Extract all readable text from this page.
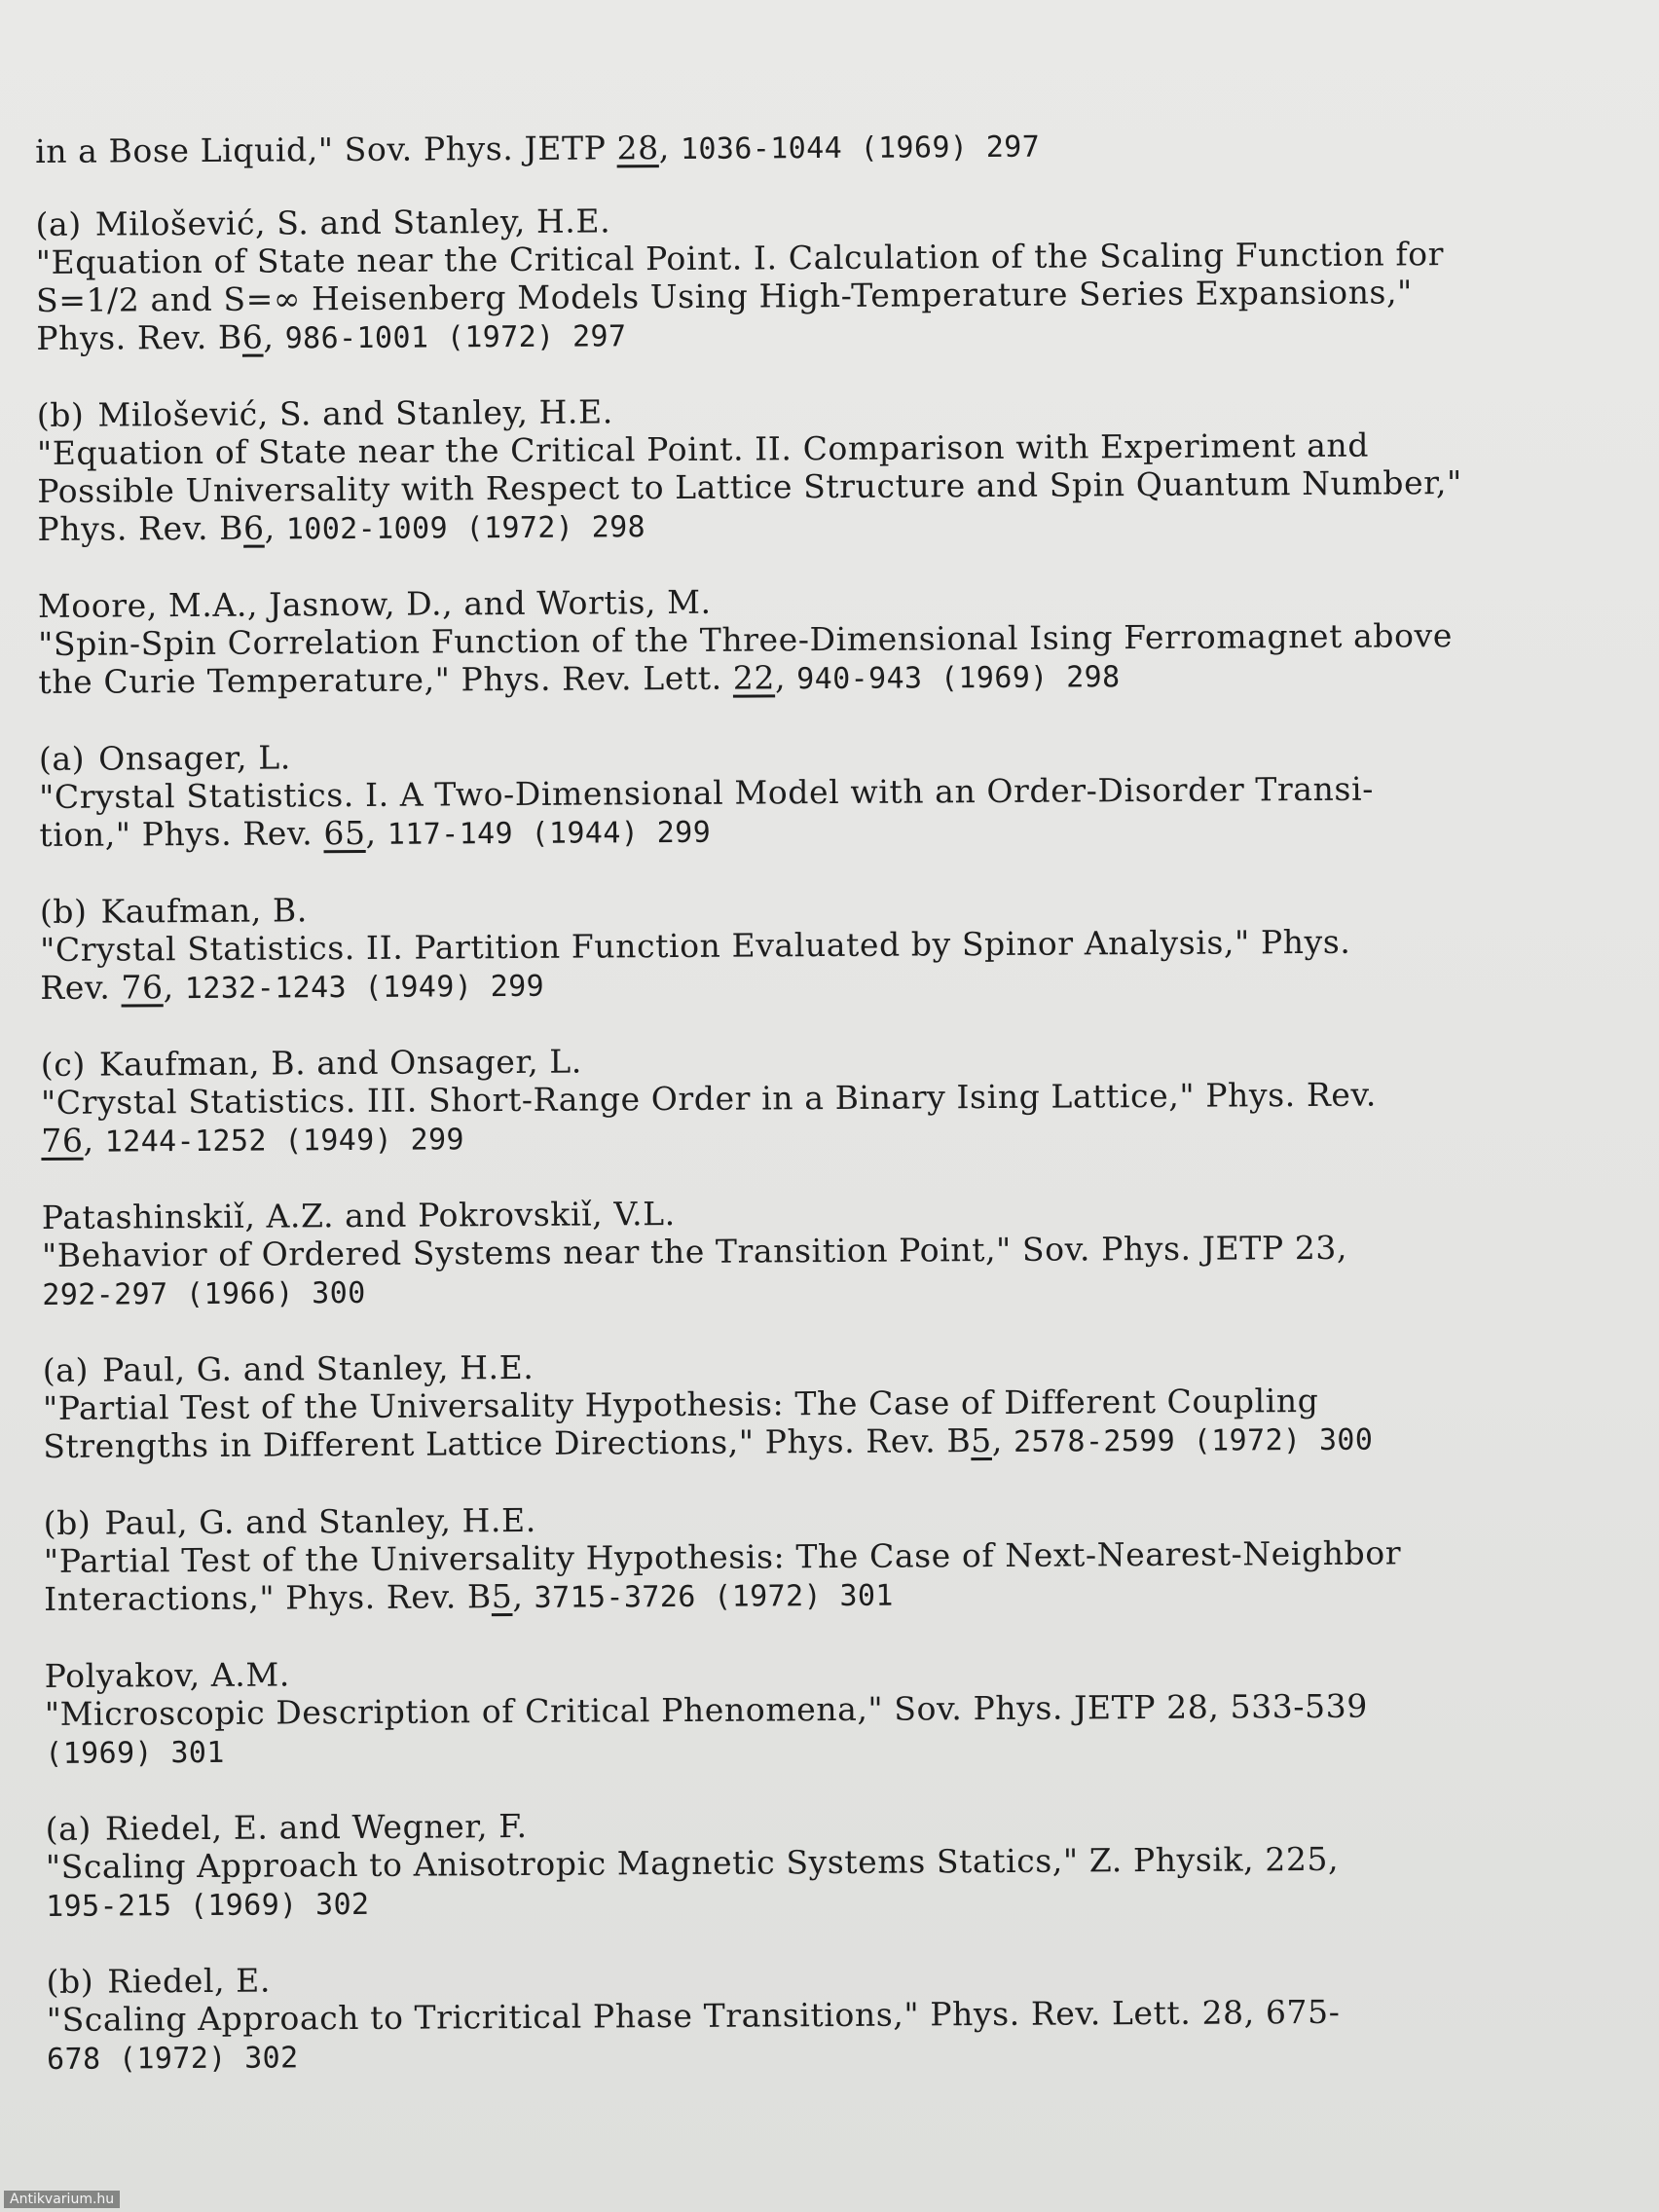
in a Bose Liquid," Sov. Phys. JETP 28, 1036-1044 (1969) 297
(a) Milošević, S. and Stanley, H.E.
"Equation of State near the Critical Point. I. Calculation of the Scaling Function for
S=1/2 and S=∞ Heisenberg Models Using High-Temperature Series Expansions,"
Phys. Rev. B6, 986-1001 (1972) 297
(b) Milošević, S. and Stanley, H.E.
"Equation of State near the Critical Point. II. Comparison with Experiment and
Possible Universality with Respect to Lattice Structure and Spin Quantum Number,"
Phys. Rev. B6, 1002-1009 (1972) 298
Moore, M.A., Jasnow, D., and Wortis, M.
"Spin-Spin Correlation Function of the Three-Dimensional Ising Ferromagnet above
the Curie Temperature," Phys. Rev. Lett. 22, 940-943 (1969) 298
(a) Onsager, L.
"Crystal Statistics. I. A Two-Dimensional Model with an Order-Disorder Transi-
tion," Phys. Rev. 65, 117-149 (1944) 299
(b) Kaufman, B.
"Crystal Statistics. II. Partition Function Evaluated by Spinor Analysis," Phys.
Rev. 76, 1232-1243 (1949) 299
(c) Kaufman, B. and Onsager, L.
"Crystal Statistics. III. Short-Range Order in a Binary Ising Lattice," Phys. Rev.
76, 1244-1252 (1949) 299
Patashinskiǐ, A.Z. and Pokrovskiǐ, V.L.
"Behavior of Ordered Systems near the Transition Point," Sov. Phys. JETP 23,
292-297 (1966) 300
(a) Paul, G. and Stanley, H.E.
"Partial Test of the Universality Hypothesis: The Case of Different Coupling
Strengths in Different Lattice Directions," Phys. Rev. B5, 2578-2599 (1972) 300
(b) Paul, G. and Stanley, H.E.
"Partial Test of the Universality Hypothesis: The Case of Next-Nearest-Neighbor
Interactions," Phys. Rev. B5, 3715-3726 (1972) 301
Polyakov, A.M.
"Microscopic Description of Critical Phenomena," Sov. Phys. JETP 28, 533-539
(1969) 301
(a) Riedel, E. and Wegner, F.
"Scaling Approach to Anisotropic Magnetic Systems Statics," Z. Physik, 225,
195-215 (1969) 302
(b) Riedel, E.
"Scaling Approach to Tricritical Phase Transitions," Phys. Rev. Lett. 28, 675-
678 (1972) 302
Antikvarium.hu
